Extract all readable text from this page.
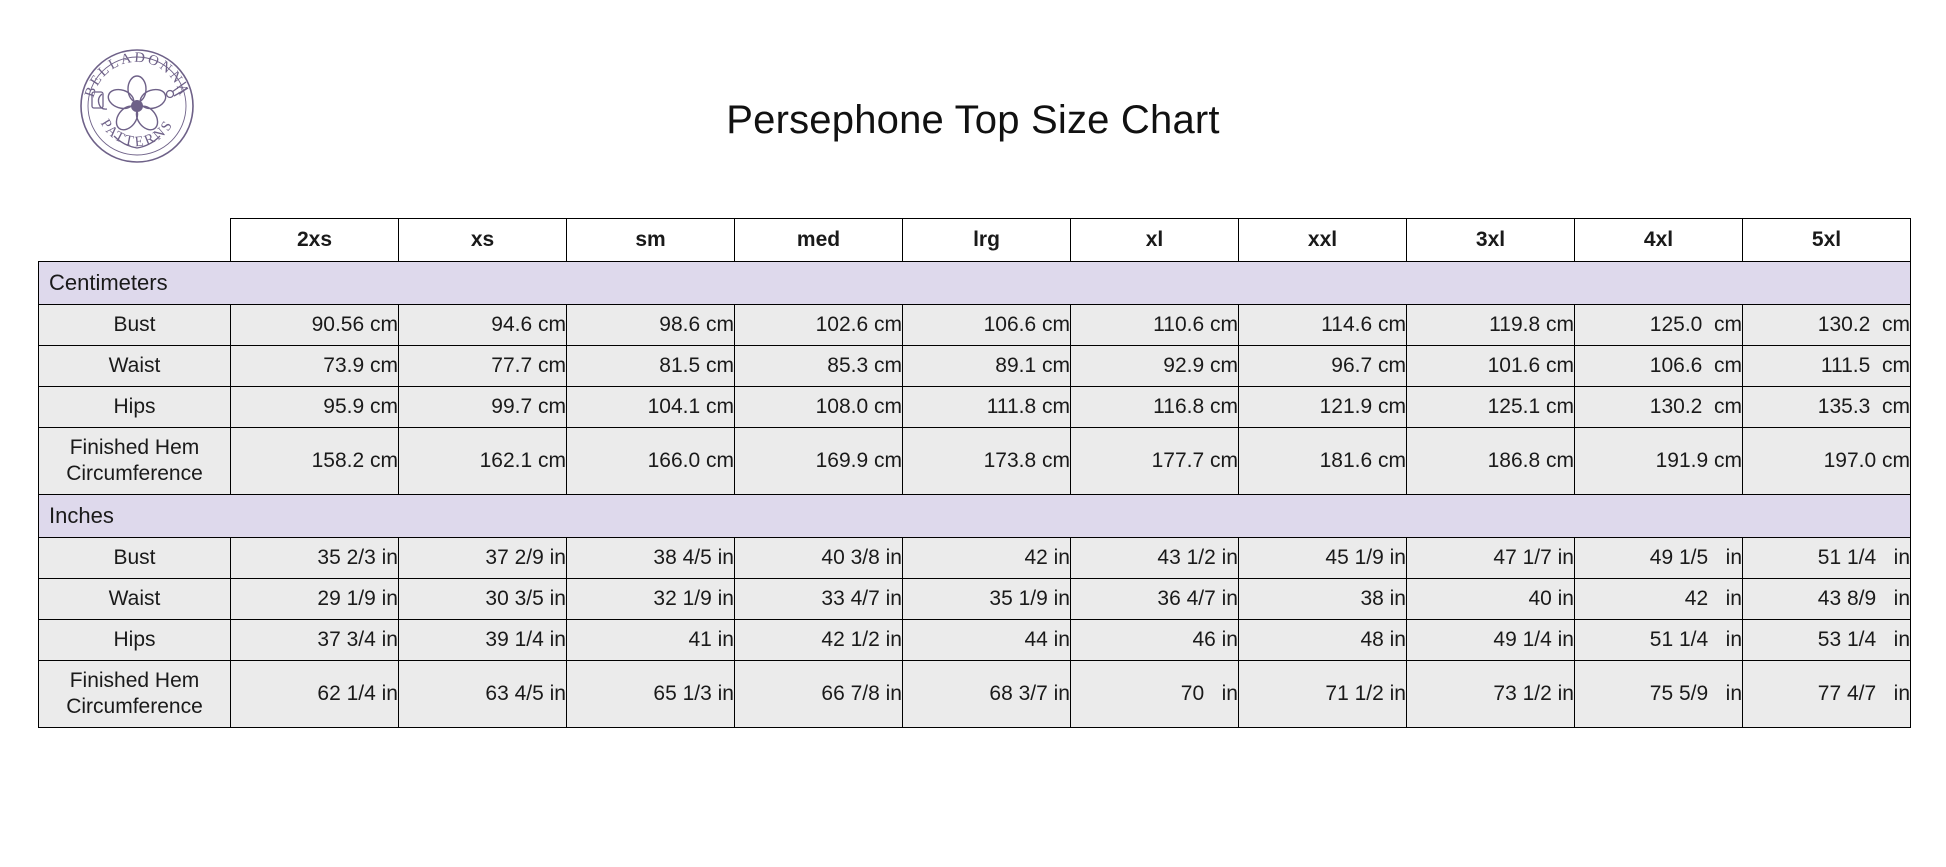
BELLADONNA
PATTERNS	Persephone Top Size Chart
	2xs	xs	sm	med	lrg	xl	xxl	3xl	4xl	5xl
Centimeters										
Bust	90.56 cm	94.6 cm	98.6 cm	102.6 cm	106.6 cm	110.6 cm	114.6 cm	119.8 cm	125.0  cm	130.2  cm
Waist	73.9 cm	77.7 cm	81.5 cm	85.3 cm	89.1 cm	92.9 cm	96.7 cm	101.6 cm	106.6  cm	111.5  cm
Hips	95.9 cm	99.7 cm	104.1 cm	108.0 cm	111.8 cm	116.8 cm	121.9 cm	125.1 cm	130.2  cm	135.3  cm

Finished Hem
Circumference	158.2 cm	162.1 cm	166.0 cm	169.9 cm	173.8 cm	177.7 cm	181.6 cm	186.8 cm	191.9 cm	197.0 cm
Inches										
Bust	35 2/3 in	37 2/9 in	38 4/5 in	40 3/8 in	42 in	43 1/2 in	45 1/9 in	47 1/7 in	49 1/5   in	51 1/4   in
Waist	29 1/9 in	30 3/5 in	32 1/9 in	33 4/7 in	35 1/9 in	36 4/7 in	38 in	40 in	42   in	43 8/9   in
Hips	37 3/4 in	39 1/4 in	41 in	42 1/2 in	44 in	46 in	48 in	49 1/4 in	51 1/4   in	53 1/4   in

Finished Hem
Circumference	62 1/4 in	63 4/5 in	65 1/3 in	66 7/8 in	68 3/7 in	70   in	71 1/2 in	73 1/2 in	75 5/9   in	77 4/7   in
